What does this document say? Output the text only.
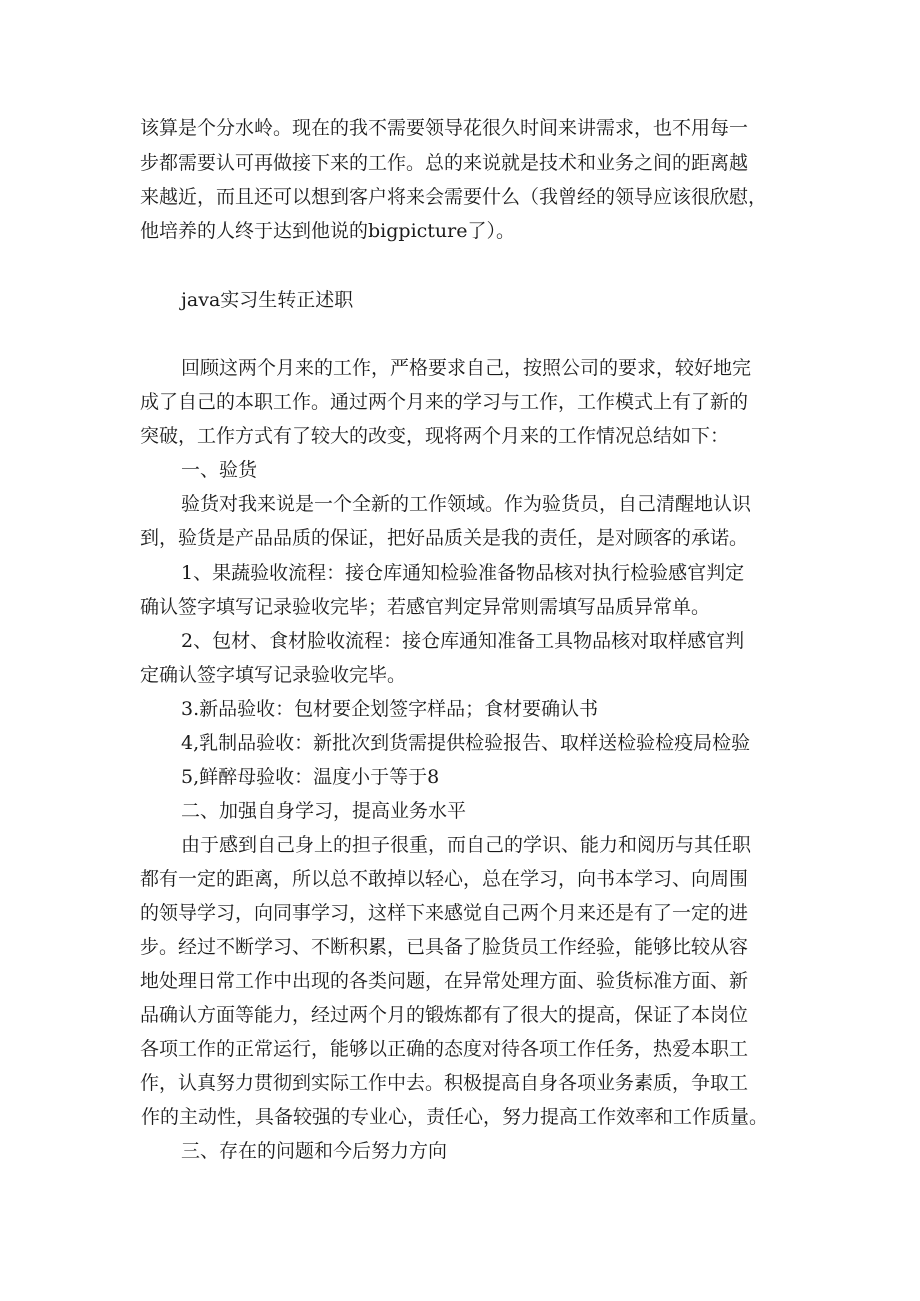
该算是个分水岭。现在的我不需要领导花很久时间来讲需求，也不用每一
步都需要认可再做接下来的工作。总的来说就是技术和业务之间的距离越
来越近，而且还可以想到客户将来会需要什么（我曾经的领导应该很欣慰，
他培养的人终于达到他说的bigpicture了）。
java实习生转正述职
回顾这两个月来的工作，严格要求自己，按照公司的要求，较好地完
成了自己的本职工作。通过两个月来的学习与工作，工作模式上有了新的
突破，工作方式有了较大的改变，现将两个月来的工作情况总结如下：
一、验货
验货对我来说是一个全新的工作领域。作为验货员，自己清醒地认识
到，验货是产品品质的保证，把好品质关是我的责任，是对顾客的承诺。
1、果蔬验收流程：接仓库通知检验准备物品核对执行检验感官判定
确认签字填写记录验收完毕；若感官判定异常则需填写品质异常单。
2、包材、食材脸收流程：接仓库通知准备工具物品核对取样感官判
定确认签字填写记录验收完毕。
3.新品验收：包材要企划签字样品；食材要确认书
4,乳制品验收：新批次到货需提供检验报告、取样送检验检疫局检验
5,鲜醉母验收：温度小于等于8
二、加强自身学习，提高业务水平
由于感到自己身上的担子很重，而自己的学识、能力和阅历与其任职
都有一定的距离，所以总不敢掉以轻心，总在学习，向书本学习、向周围
的领导学习，向同事学习，这样下来感觉自己两个月来还是有了一定的进
步。经过不断学习、不断积累，已具备了脸货员工作经验，能够比较从容
地处理日常工作中出现的各类问题，在异常处理方面、验货标准方面、新
品确认方面等能力，经过两个月的锻炼都有了很大的提高，保证了本岗位
各项工作的正常运行，能够以正确的态度对待各项工作任务，热爱本职工
作，认真努力贯彻到实际工作中去。积极提高自身各项业务素质，争取工
作的主动性，具备较强的专业心，责任心，努力提高工作效率和工作质量。
三、存在的问题和今后努力方向
